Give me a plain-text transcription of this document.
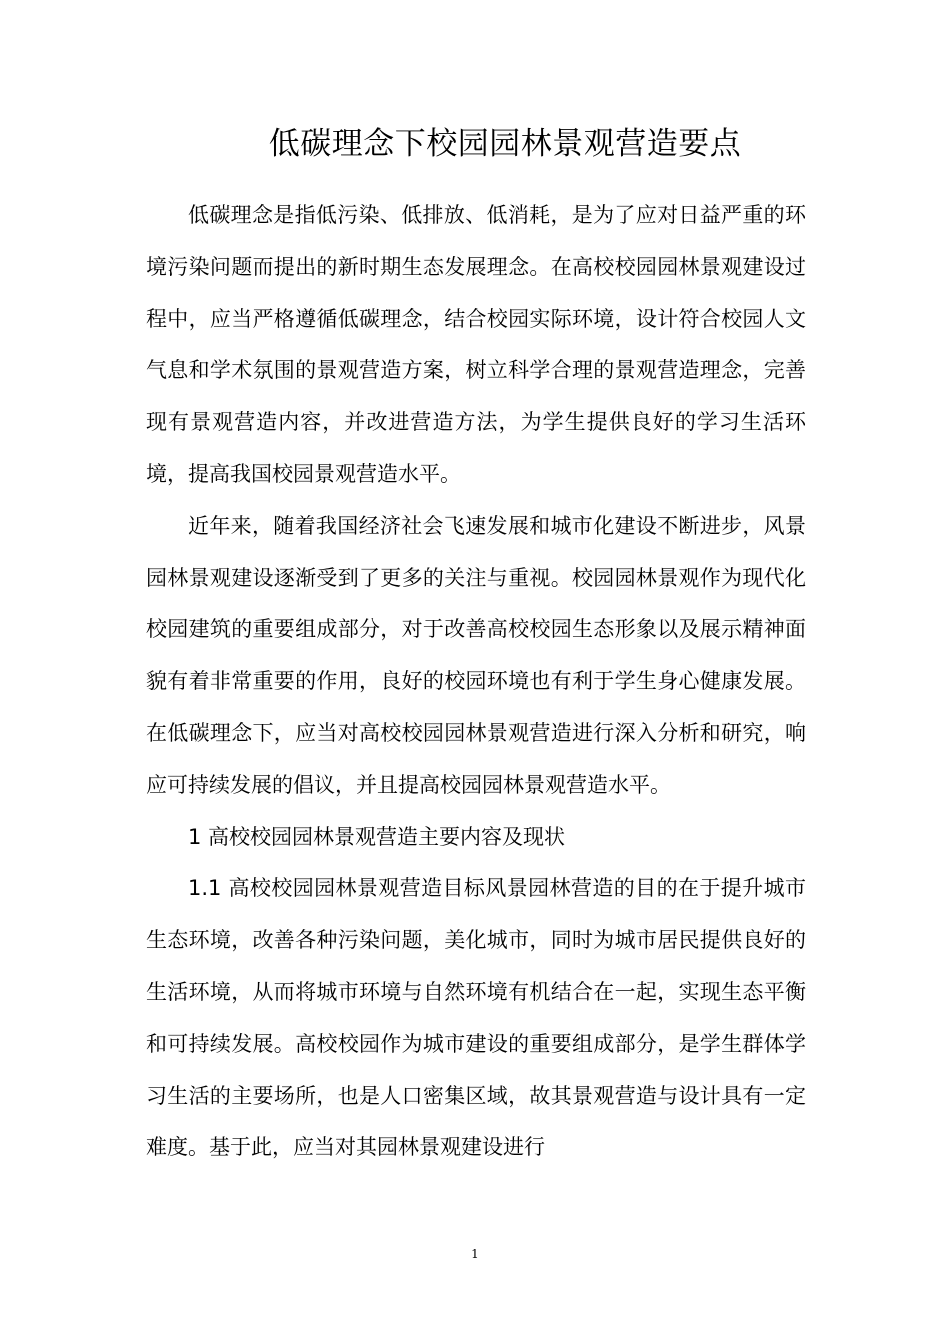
低碳理念下校园园林景观营造要点

低碳理念是指低污染、低排放、低消耗，是为了应对日益严重的环境污染问题而提出的新时期生态发展理念。在高校校园园林景观建设过程中，应当严格遵循低碳理念，结合校园实际环境，设计符合校园人文气息和学术氛围的景观营造方案，树立科学合理的景观营造理念，完善现有景观营造内容，并改进营造方法，为学生提供良好的学习生活环境，提高我国校园景观营造水平。

近年来，随着我国经济社会飞速发展和城市化建设不断进步，风景园林景观建设逐渐受到了更多的关注与重视。校园园林景观作为现代化校园建筑的重要组成部分，对于改善高校校园生态形象以及展示精神面貌有着非常重要的作用，良好的校园环境也有利于学生身心健康发展。在低碳理念下，应当对高校校园园林景观营造进行深入分析和研究，响应可持续发展的倡议，并且提高校园园林景观营造水平。

1 高校校园园林景观营造主要内容及现状

1.1 高校校园园林景观营造目标风景园林营造的目的在于提升城市生态环境，改善各种污染问题，美化城市，同时为城市居民提供良好的生活环境，从而将城市环境与自然环境有机结合在一起，实现生态平衡和可持续发展。高校校园作为城市建设的重要组成部分，是学生群体学习生活的主要场所，也是人口密集区域，故其景观营造与设计具有一定难度。基于此，应当对其园林景观建设进行

1
